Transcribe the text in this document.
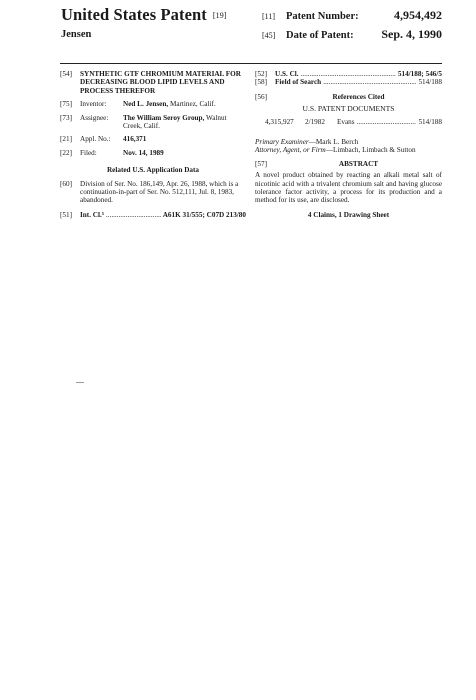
United States Patent [19]
Jensen
[11]	Patent Number:	4,954,492
[45]	Date of Patent:	Sep. 4, 1990
[54]	SYNTHETIC GTF CHROMIUM MATERIAL FOR DECREASING BLOOD LIPID LEVELS AND PROCESS THEREFOR
[75]	Inventor:	Ned L. Jensen, Martinez, Calif.
[73]	Assignee:	The William Seroy Group, Walnut Creek, Calif.
[21]	Appl. No.:	416,371
[22]	Filed:	Nov. 14, 1989
Related U.S. Application Data
[60]	Division of Ser. No. 186,149, Apr. 26, 1988, which is a continuation-in-part of Ser. No. 512,111, Jul. 8, 1983, abandoned.
[51]	Int. Cl.⁵ .....	A61K 31/555; C07D 213/80
[52]	U.S. Cl. .....	514/188; 546/5
[58]	Field of Search .....	514/188
[56]	References Cited
U.S. PATENT DOCUMENTS
4,315,927	2/1982	Evans .....	514/188
Primary Examiner—Mark L. Berch
Attorney, Agent, or Firm—Limbach, Limbach & Sutton
[57]	ABSTRACT
A novel product obtained by reacting an alkali metal salt of nicotinic acid with a trivalent chromium salt and having glucose tolerance factor activity, a process for its production and a method for its use, are disclosed.
4 Claims, 1 Drawing Sheet
